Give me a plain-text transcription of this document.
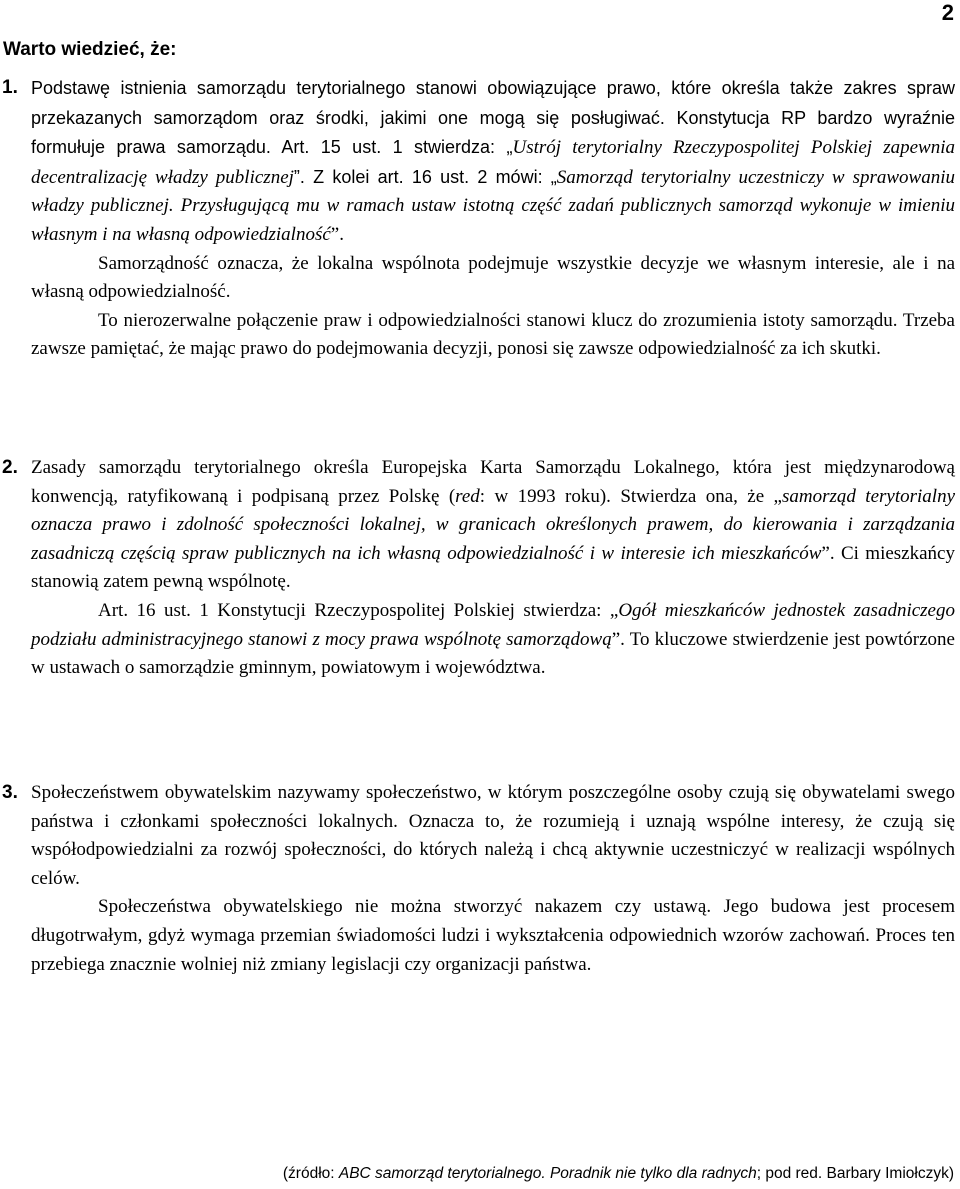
2
Warto wiedzieć, że:
1. Podstawę istnienia samorządu terytorialnego stanowi obowiązujące prawo, które określa także zakres spraw przekazanych samorządom oraz środki, jakimi one mogą się posługiwać. Konstytucja RP bardzo wyraźnie formułuje prawa samorządu. Art. 15 ust. 1 stwierdza: „Ustrój terytorialny Rzeczypospolitej Polskiej zapewnia decentralizację władzy publicznej”. Z kolei art. 16 ust. 2 mówi: „Samorząd terytorialny uczestniczy w sprawowaniu władzy publicznej. Przysługującą mu w ramach ustaw istotną część zadań publicznych samorząd wykonuje w imieniu własnym i na własną odpowiedzialność”.

Samorządność oznacza, że lokalna wspólnota podejmuje wszystkie decyzje we własnym interesie, ale i na własną odpowiedzialność.

To nierozerwalne połączenie praw i odpowiedzialności stanowi klucz do zrozumienia istoty samorządu. Trzeba zawsze pamiętać, że mając prawo do podejmowania decyzji, ponosi się zawsze odpowiedzialność za ich skutki.

2. Zasady samorządu terytorialnego określa Europejska Karta Samorządu Lokalnego, która jest międzynarodową konwencją, ratyfikowaną i podpisaną przez Polskę (red: w 1993 roku). Stwierdza ona, że „samorząd terytorialny oznacza prawo i zdolność społeczności lokalnej, w granicach określonych prawem, do kierowania i zarządzania zasadniczą częścią spraw publicznych na ich własną odpowiedzialność i w interesie ich mieszkańców”. Ci mieszkańcy stanowią zatem pewną wspólnotę.

Art. 16 ust. 1 Konstytucji Rzeczypospolitej Polskiej stwierdza: „Ogół mieszkańców jednostek zasadniczego podziału administracyjnego stanowi z mocy prawa wspólnotę samorządową”. To kluczowe stwierdzenie jest powtórzone w ustawach o samorządzie gminnym, powiatowym i województwa.

3. Społeczeństwem obywatelskim nazywamy społeczeństwo, w którym poszczególne osoby czują się obywatelami swego państwa i członkami społeczności lokalnych. Oznacza to, że rozumieją i uznają wspólne interesy, że czują się współodpowiedzialni za rozwój społeczności, do których należą i chcą aktywnie uczestniczyć w realizacji wspólnych celów.

Społeczeństwa obywatelskiego nie można stworzyć nakazem czy ustawą. Jego budowa jest procesem długotrwałym, gdyż wymaga przemian świadomości ludzi i wykształcenia odpowiednich wzorów zachowań. Proces ten przebiega znacznie wolniej niż zmiany legislacji czy organizacji państwa.

(źródło: ABC samorząd terytorialnego. Poradnik nie tylko dla radnych; pod red. Barbary Imiołczyk)
